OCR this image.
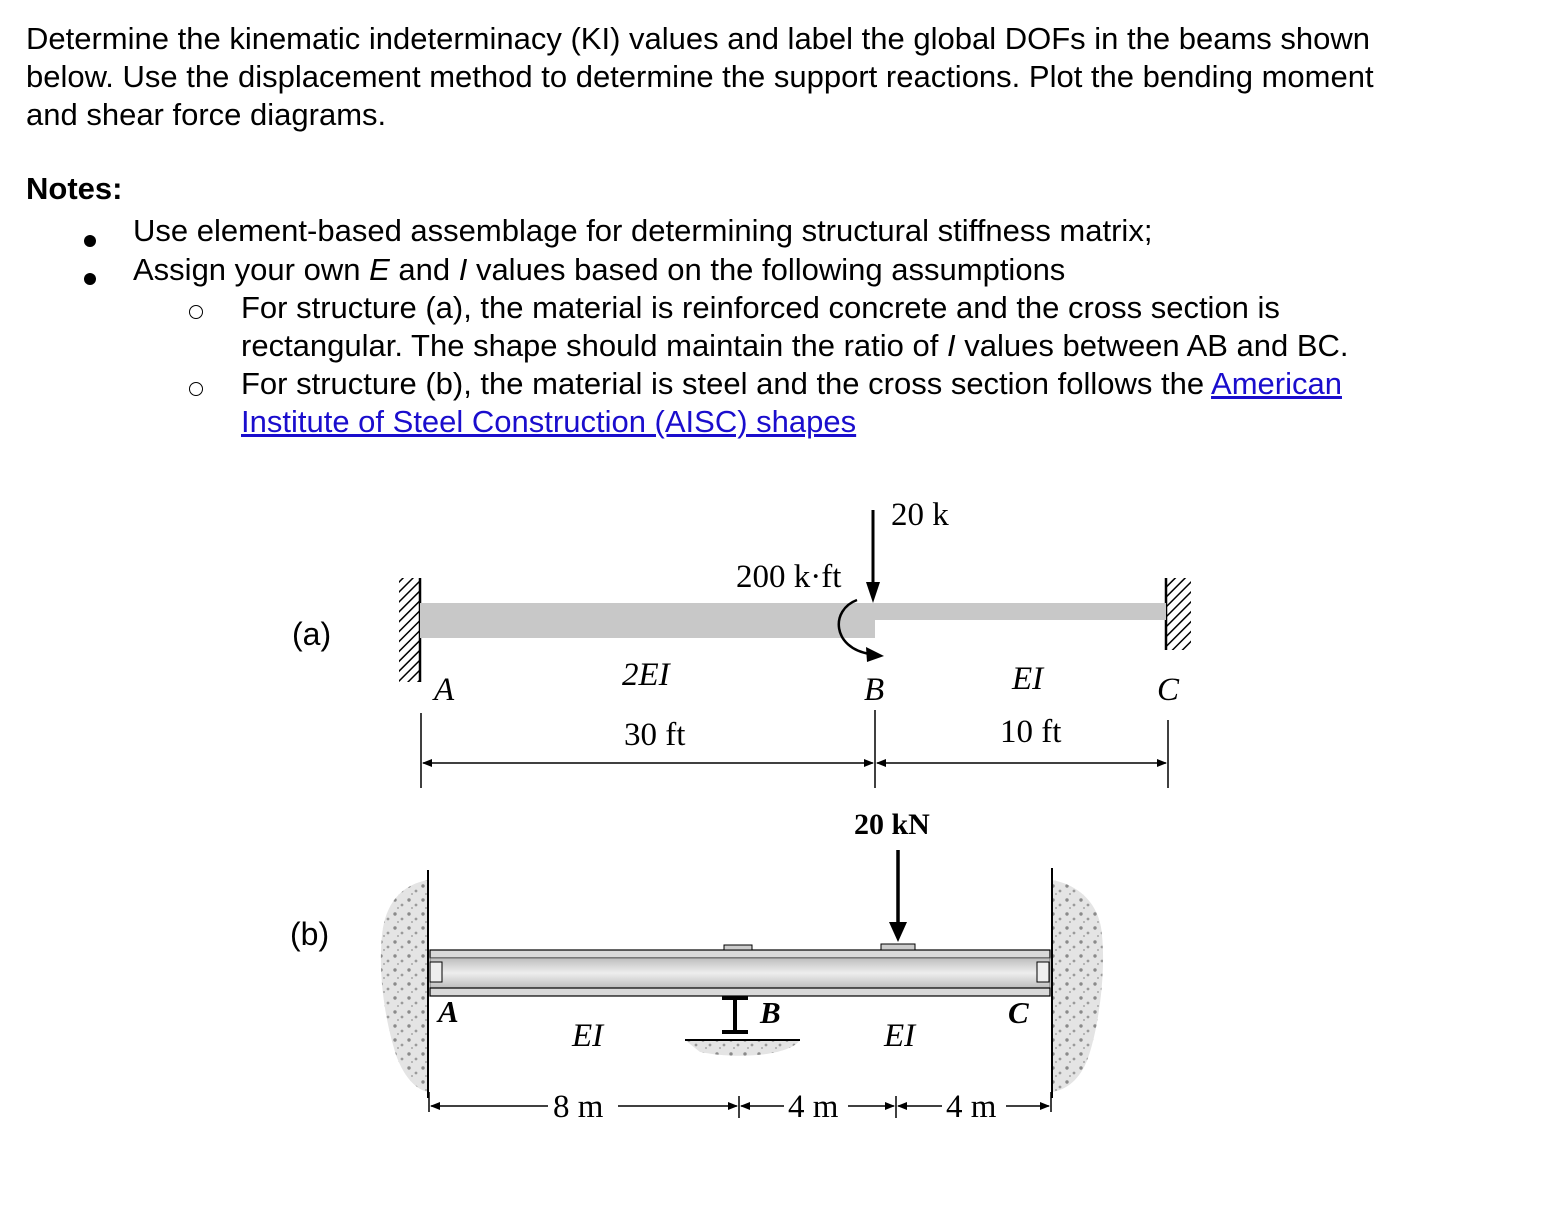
Determine the kinematic indeterminacy (KI) values and label the global DOFs in the beams shown below. Use the displacement method to determine the support reactions. Plot the bending moment and shear force diagrams.
Notes:
Use element-based assemblage for determining structural stiffness matrix;
Assign your own E and I values based on the following assumptions
For structure (a), the material is reinforced concrete and the cross section is
rectangular. The shape should maintain the ratio of I values between AB and BC.
For structure (b), the material is steel and the cross section follows the American
Institute of Steel Construction (AISC) shapes
(a)
20 k
200 k·ft
A	B	C
2EI	EI
30 ft	10 ft
(b)
20 kN
A	B	C
EI	EI
8 m	4 m	4 m
